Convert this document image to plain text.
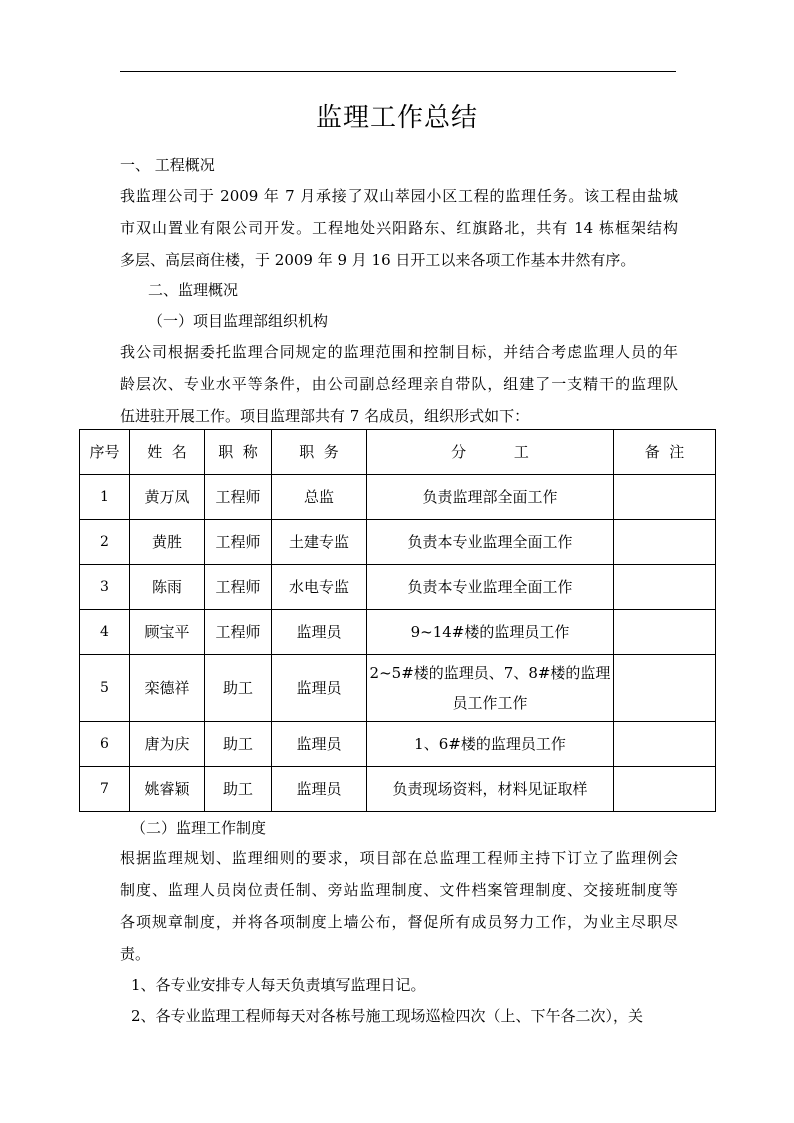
监理工作总结
一、 工程概况
我监理公司于 2009 年 7 月承接了双山萃园小区工程的监理任务。该工程由盐城
市双山置业有限公司开发。工程地处兴阳路东、红旗路北，共有 14 栋框架结构
多层、高层商住楼，于 2009 年 9 月 16 日开工以来各项工作基本井然有序。
二、监理概况
（一）项目监理部组织机构
我公司根据委托监理合同规定的监理范围和控制目标，并结合考虑监理人员的年
龄层次、专业水平等条件，由公司副总经理亲自带队，组建了一支精干的监理队
伍进驻开展工作。项目监理部共有 7 名成员，组织形式如下：
序号	姓  名	职  称	职  务	分          工	备  注
1	黄万凤	工程师	总监	负责监理部全面工作	
2	黄胜	工程师	土建专监	负责本专业监理全面工作	
3	陈雨	工程师	水电专监	负责本专业监理全面工作	
4	顾宝平	工程师	监理员	9~14#楼的监理员工作	
5	栾德祥	助工	监理员	2~5#楼的监理员、7、8#楼的监理
员工作工作	
6	唐为庆	助工	监理员	1、6#楼的监理员工作	
7	姚睿颖	助工	监理员	负责现场资料，材料见证取样	
（二）监理工作制度
根据监理规划、监理细则的要求，项目部在总监理工程师主持下订立了监理例会
制度、监理人员岗位责任制、旁站监理制度、文件档案管理制度、交接班制度等
各项规章制度，并将各项制度上墙公布，督促所有成员努力工作，为业主尽职尽
责。
1、各专业安排专人每天负责填写监理日记。
2、各专业监理工程师每天对各栋号施工现场巡检四次（上、下午各二次），关
